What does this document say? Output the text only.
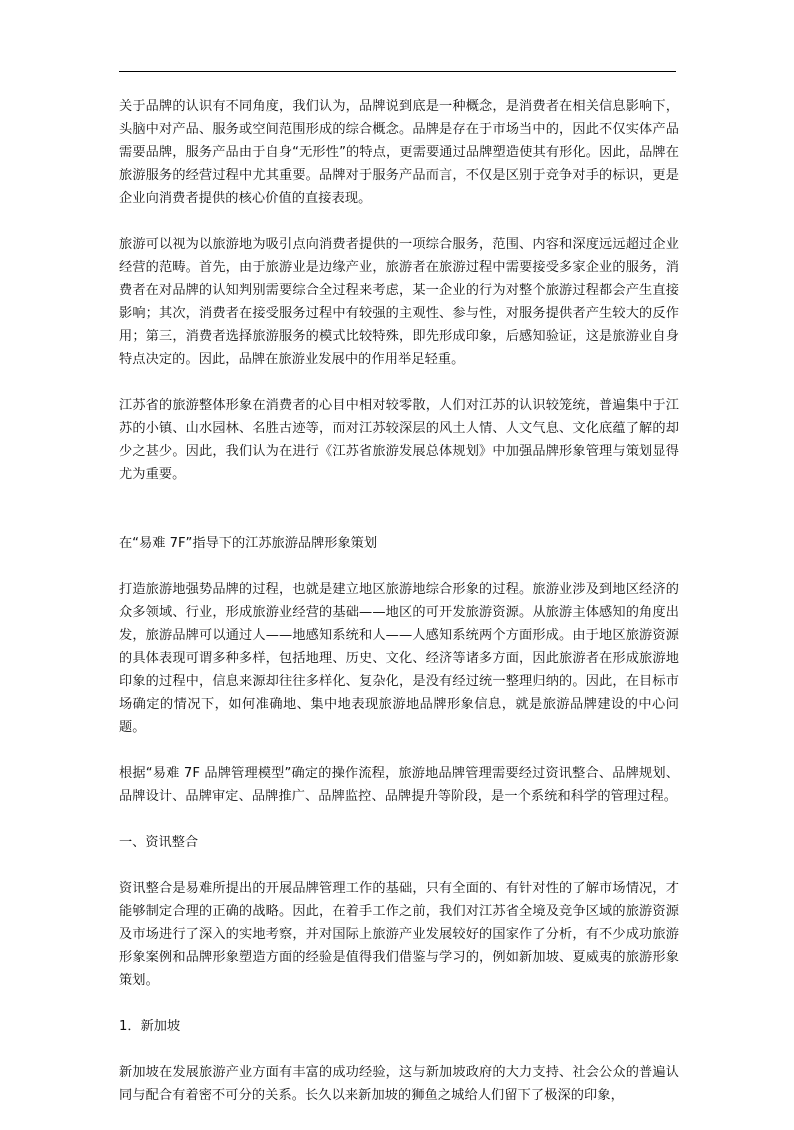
关于品牌的认识有不同角度，我们认为，品牌说到底是一种概念，是消费者在相关信息影响下，头脑中对产品、服务或空间范围形成的综合概念。品牌是存在于市场当中的，因此不仅实体产品需要品牌，服务产品由于自身“无形性”的特点，更需要通过品牌塑造使其有形化。因此，品牌在旅游服务的经营过程中尤其重要。品牌对于服务产品而言，不仅是区别于竞争对手的标识，更是企业向消费者提供的核心价值的直接表现。

旅游可以视为以旅游地为吸引点向消费者提供的一项综合服务，范围、内容和深度远远超过企业经营的范畴。首先，由于旅游业是边缘产业，旅游者在旅游过程中需要接受多家企业的服务，消费者在对品牌的认知判别需要综合全过程来考虑，某一企业的行为对整个旅游过程都会产生直接影响；其次，消费者在接受服务过程中有较强的主观性、参与性，对服务提供者产生较大的反作用；第三，消费者选择旅游服务的模式比较特殊，即先形成印象，后感知验证，这是旅游业自身特点决定的。因此，品牌在旅游业发展中的作用举足轻重。

江苏省的旅游整体形象在消费者的心目中相对较零散，人们对江苏的认识较笼统，普遍集中于江苏的小镇、山水园林、名胜古迹等，而对江苏较深层的风土人情、人文气息、文化底蕴了解的却少之甚少。因此，我们认为在进行《江苏省旅游发展总体规划》中加强品牌形象管理与策划显得尤为重要。

在“易难 7F”指导下的江苏旅游品牌形象策划

打造旅游地强势品牌的过程，也就是建立地区旅游地综合形象的过程。旅游业涉及到地区经济的众多领域、行业，形成旅游业经营的基础——地区的可开发旅游资源。从旅游主体感知的角度出发，旅游品牌可以通过人——地感知系统和人——人感知系统两个方面形成。由于地区旅游资源的具体表现可谓多种多样，包括地理、历史、文化、经济等诸多方面，因此旅游者在形成旅游地印象的过程中，信息来源却往往多样化、复杂化，是没有经过统一整理归纳的。因此，在目标市场确定的情况下，如何准确地、集中地表现旅游地品牌形象信息，就是旅游品牌建设的中心问题。

根据“易难 7F 品牌管理模型”确定的操作流程，旅游地品牌管理需要经过资讯整合、品牌规划、品牌设计、品牌审定、品牌推广、品牌监控、品牌提升等阶段，是一个系统和科学的管理过程。

一、资讯整合

资讯整合是易难所提出的开展品牌管理工作的基础，只有全面的、有针对性的了解市场情况，才能够制定合理的正确的战略。因此，在着手工作之前，我们对江苏省全境及竞争区域的旅游资源及市场进行了深入的实地考察，并对国际上旅游产业发展较好的国家作了分析，有不少成功旅游形象案例和品牌形象塑造方面的经验是值得我们借鉴与学习的，例如新加坡、夏威夷的旅游形象策划。

1．新加坡

新加坡在发展旅游产业方面有丰富的成功经验，这与新加坡政府的大力支持、社会公众的普遍认同与配合有着密不可分的关系。长久以来新加坡的狮鱼之城给人们留下了极深的印象，
